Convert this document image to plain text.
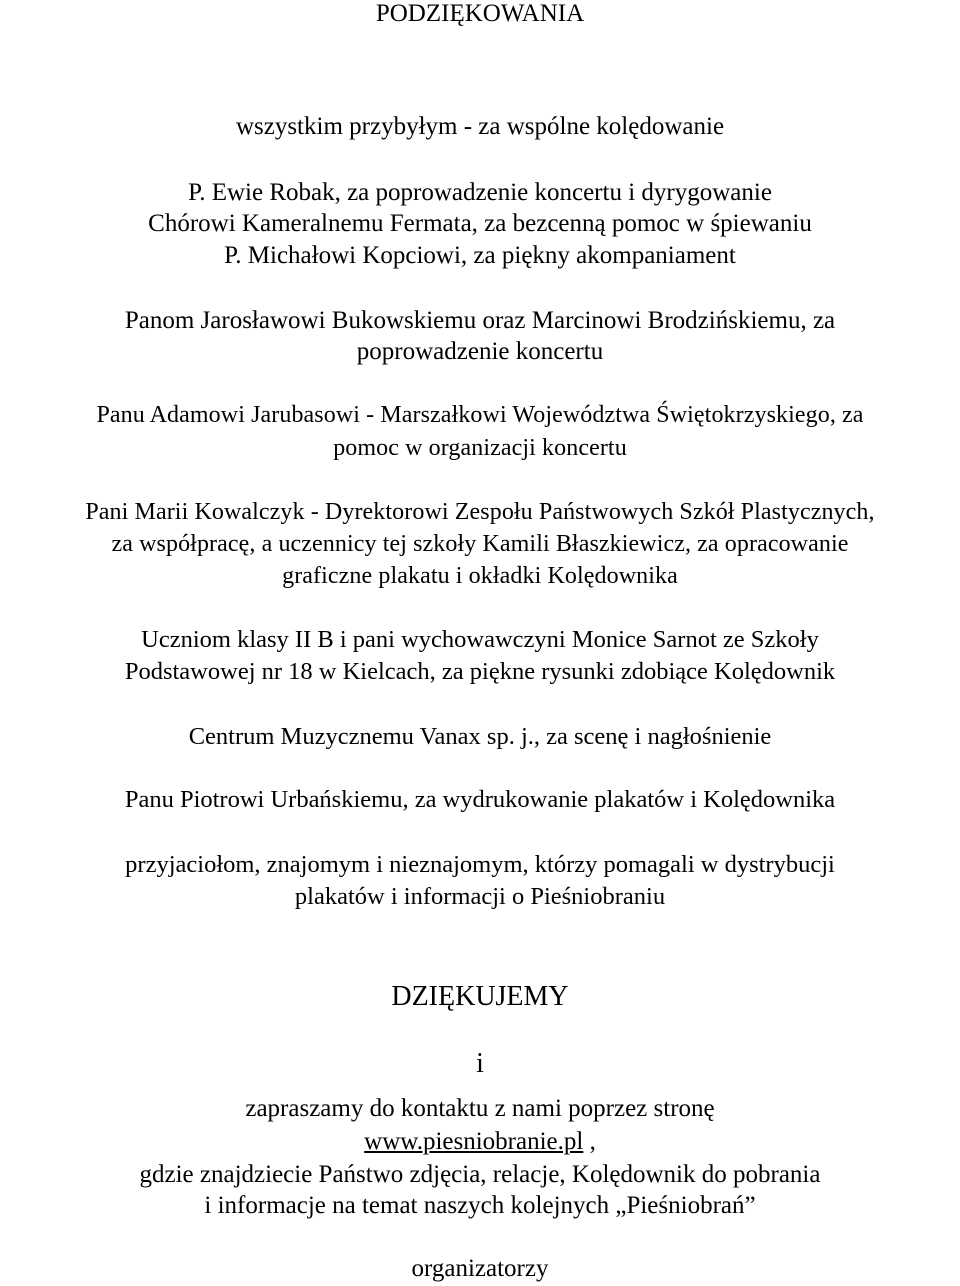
PODZIĘKOWANIA
wszystkim przybyłym - za wspólne kolędowanie
P. Ewie Robak, za poprowadzenie koncertu i dyrygowanie
Chórowi Kameralnemu Fermata, za bezcenną pomoc w śpiewaniu
P. Michałowi Kopciowi, za piękny akompaniament
Panom Jarosławowi Bukowskiemu oraz Marcinowi Brodzińskiemu, za
poprowadzenie koncertu
Panu Adamowi Jarubasowi - Marszałkowi Województwa Świętokrzyskiego, za
pomoc w organizacji koncertu
Pani Marii Kowalczyk - Dyrektorowi Zespołu Państwowych Szkół Plastycznych,
za współpracę, a uczennicy tej szkoły Kamili Błaszkiewicz, za opracowanie
graficzne plakatu i okładki Kolędownika
Uczniom klasy II B i pani wychowawczyni Monice Sarnot ze Szkoły
Podstawowej nr 18 w Kielcach, za piękne rysunki zdobiące Kolędownik
Centrum Muzycznemu Vanax sp. j., za scenę i nagłośnienie
Panu Piotrowi Urbańskiemu, za wydrukowanie plakatów i Kolędownika
przyjaciołom, znajomym i nieznajomym, którzy pomagali w dystrybucji
plakatów i informacji o Pieśniobraniu
DZIĘKUJEMY
i
zapraszamy do kontaktu z nami poprzez stronę
www.piesniobranie.pl ,
gdzie znajdziecie Państwo zdjęcia, relacje, Kolędownik do pobrania
i informacje na temat naszych kolejnych „Pieśniobrań”
organizatorzy
